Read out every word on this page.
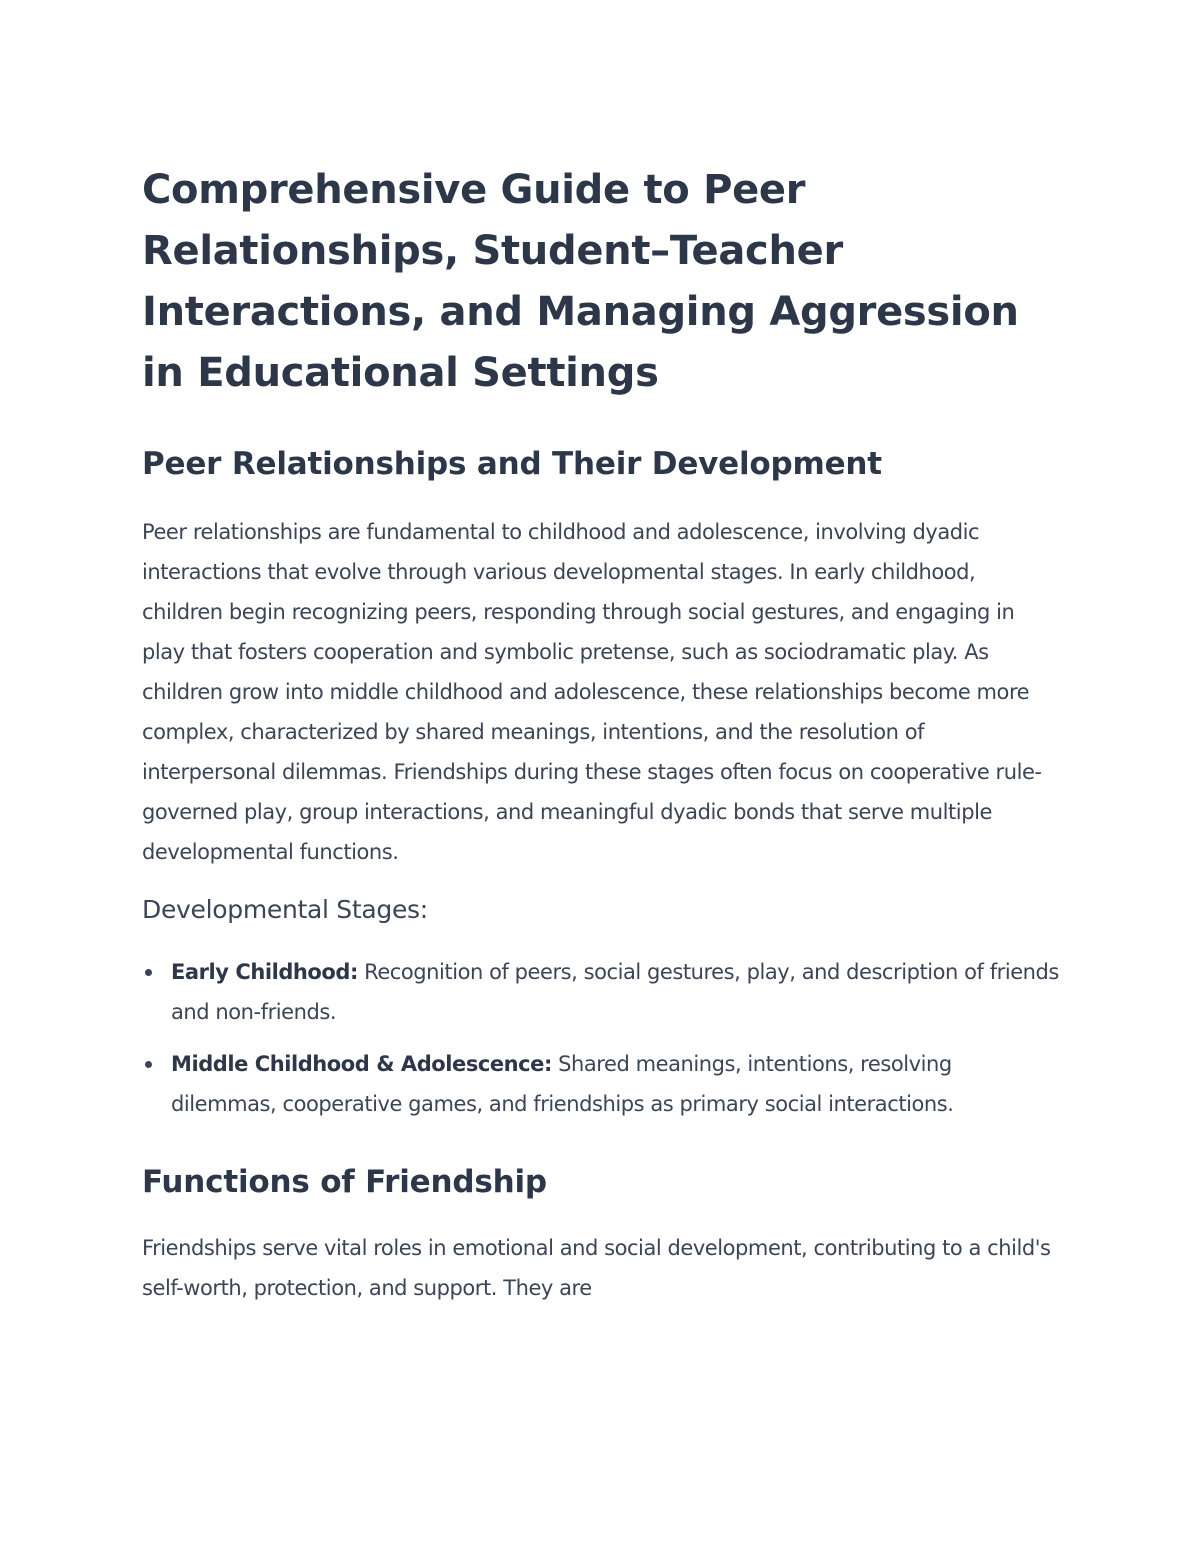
Comprehensive Guide to Peer Relationships, Student–Teacher Interactions, and Managing Aggression in Educational Settings
Peer Relationships and Their Development

Peer relationships are fundamental to childhood and adolescence, involving dyadic interactions that evolve through various developmental stages. In early childhood, children begin recognizing peers, responding through social gestures, and engaging in play that fosters cooperation and symbolic pretense, such as sociodramatic play. As children grow into middle childhood and adolescence, these relationships become more complex, characterized by shared meanings, intentions, and the resolution of interpersonal dilemmas. Friendships during these stages often focus on cooperative rule-governed play, group interactions, and meaningful dyadic bonds that serve multiple developmental functions.

Developmental Stages:
Early Childhood: Recognition of peers, social gestures, play, and description of friends and non-friends.
Middle Childhood & Adolescence: Shared meanings, intentions, resolving dilemmas, cooperative games, and friendships as primary social interactions.
Functions of Friendship

Friendships serve vital roles in emotional and social development, contributing to a child's self-worth, protection, and support. They are
